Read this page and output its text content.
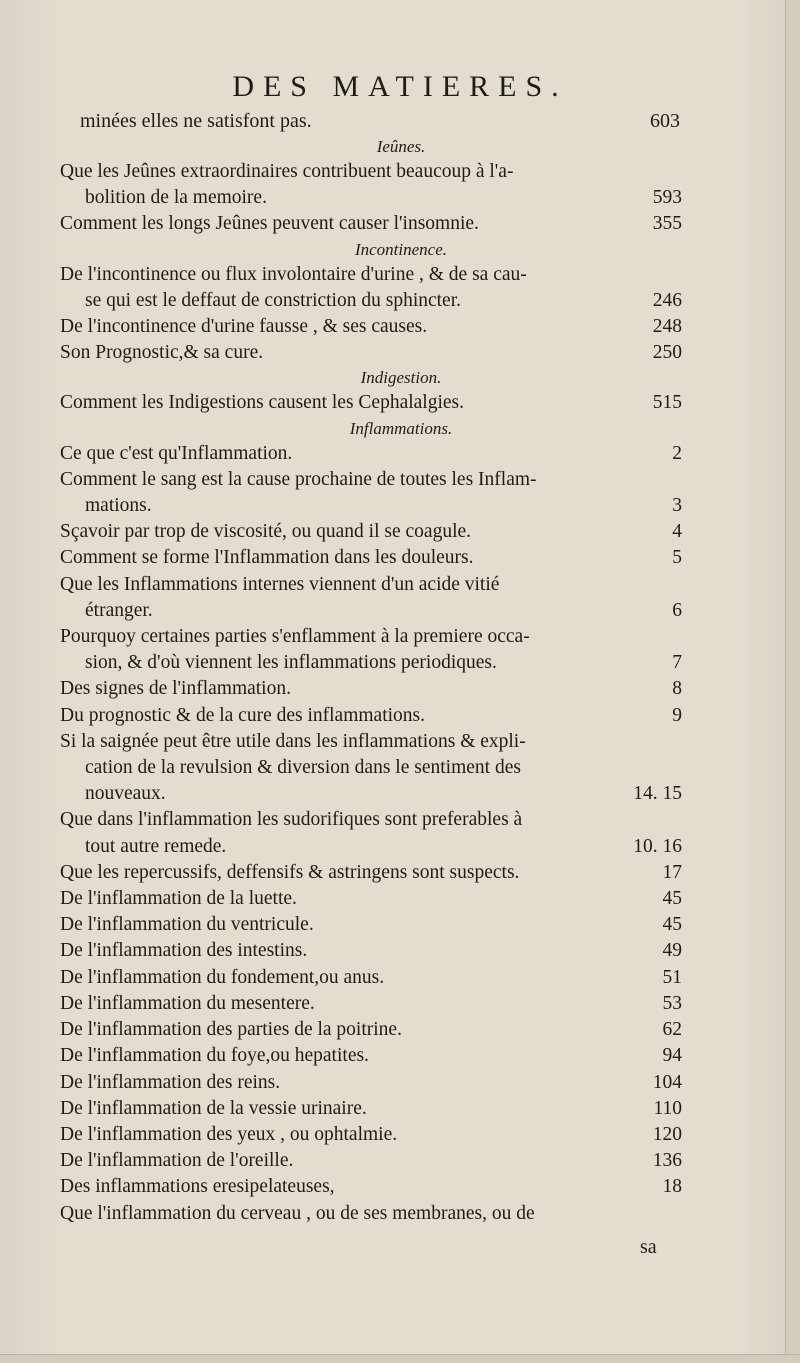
DES MATIERES.
minées elles ne satisfont pas.	603
Ieûnes.
Que les Jeûnes extraordinaires contribuent beaucoup à l'a-
bolition de la memoire.	593
Comment les longs Jeûnes peuvent causer l'insomnie.	355
Incontinence.
De l'incontinence ou flux involontaire d'urine , & de sa cau-
se qui est le deffaut de constriction du sphincter.	246
De l'incontinence d'urine fausse , & ses causes.	248
Son Prognostic,& sa cure.	250
Indigestion.
Comment les Indigestions causent les Cephalalgies.	515
Inflammations.
Ce que c'est qu'Inflammation.	2
Comment le sang est la cause prochaine de toutes les Inflam-
mations.	3
Sçavoir par trop de viscosité, ou quand il se coagule.	4
Comment se forme l'Inflammation dans les douleurs.	5
Que les Inflammations internes viennent d'un acide vitié
étranger.	6
Pourquoy certaines parties s'enflamment à la premiere occa-
sion, & d'où viennent les inflammations periodiques.	7
Des signes de l'inflammation.	8
Du prognostic & de la cure des inflammations.	9
Si la saignée peut être utile dans les inflammations & expli-
cation de la revulsion & diversion dans le sentiment des
nouveaux.	14. 15
Que dans l'inflammation les sudorifiques sont preferables à
tout autre remede.	10. 16
Que les repercussifs, deffensifs & astringens sont suspects.	17
De l'inflammation de la luette.	45
De l'inflammation du ventricule.	45
De l'inflammation des intestins.	49
De l'inflammation du fondement,ou anus.	51
De l'inflammation du mesentere.	53
De l'inflammation des parties de la poitrine.	62
De l'inflammation du foye,ou hepatites.	94
De l'inflammation des reins.	104
De l'inflammation de la vessie urinaire.	110
De l'inflammation des yeux , ou ophtalmie.	120
De l'inflammation de l'oreille.	136
Des inflammations eresipelateuses,	18
Que l'inflammation du cerveau , ou de ses membranes, ou de
sa
